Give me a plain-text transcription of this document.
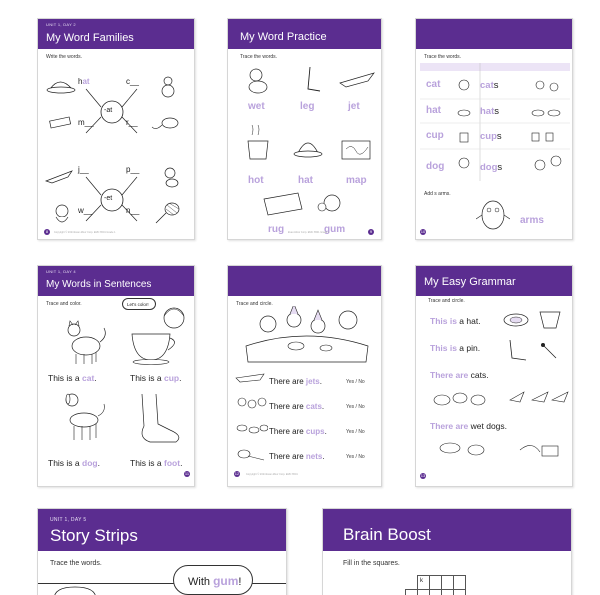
UNIT 1, DAY 2
My Word Families
Write the words.
hat	c__
-at
m__	r__
j__	p__
-et
w__	n__
8	Copyright © 2024 Evan-Moor Corp. EMC 6501 Grade 1
My Word Practice
Trace the words.
wet	leg	jet
hot	hat	map
rug	gum	9
Evan-Moor Corp. EMC 6501 Grade 1
Trace the words.
cat	cats
hat	hats
cup	cups
dog	dogs
Add s arms.
arms
10
UNIT 1, DAY 4
My Words in Sentences
Trace and color.	Let's color!
This is a cat.	This is a cup.
This is a dog.	This is a foot.
11
Trace and circle.
There are jets.	Yes / No
There are cats.	Yes / No
There are cups.	Yes / No
There are nets.	Yes / No
12	Copyright © 2024 Evan-Moor Corp. EMC 6501
My Easy Grammar
Trace and circle.
This is a hat.
This is a pin.
There are cats.
There are wet dogs.
13
UNIT 1, DAY 5
Story Strips
Trace the words.
With gum!
Brain Boost
Fill in the squares.
	$^k$			
